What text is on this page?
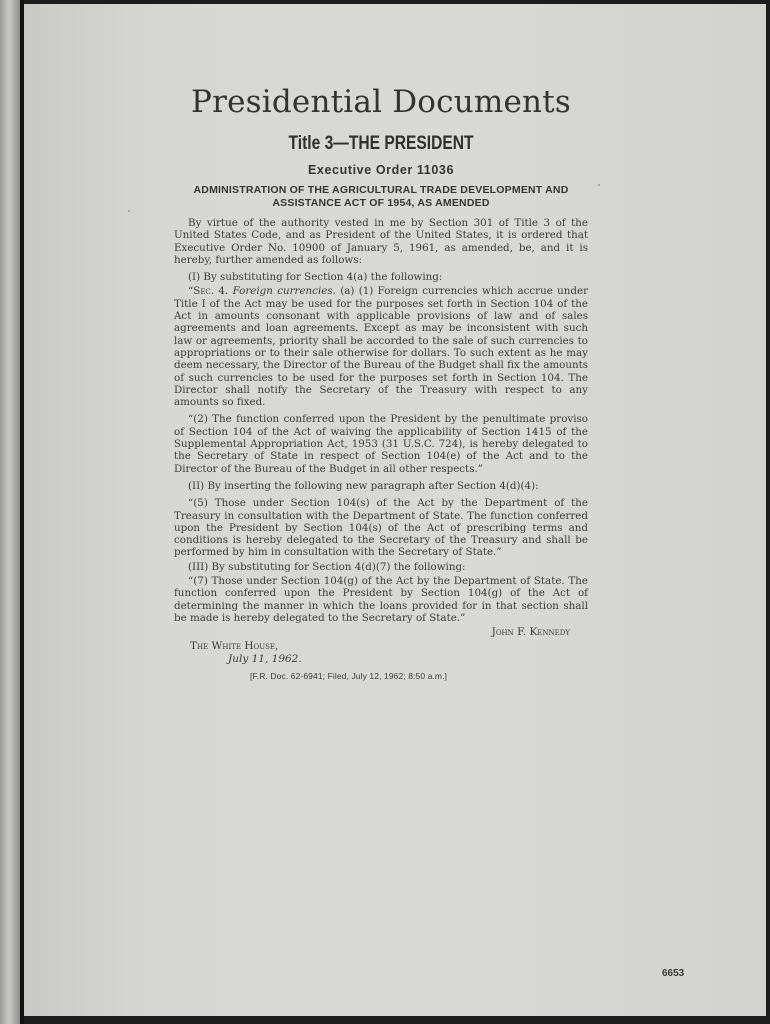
Presidential Documents
Title 3—THE PRESIDENT
Executive Order 11036
ADMINISTRATION OF THE AGRICULTURAL TRADE DEVELOPMENT AND ASSISTANCE ACT OF 1954, AS AMENDED

By virtue of the authority vested in me by Section 301 of Title 3 of the United States Code, and as President of the United States, it is ordered that Executive Order No. 10900 of January 5, 1961, as amended, be, and it is hereby, further amended as follows:

(I) By substituting for Section 4(a) the following:

“Sec. 4. Foreign currencies. (a) (1) Foreign currencies which accrue under Title I of the Act may be used for the purposes set forth in Section 104 of the Act in amounts consonant with applicable provisions of law and of sales agreements and loan agreements. Except as may be inconsistent with such law or agreements, priority shall be accorded to the sale of such currencies to appropriations or to their sale otherwise for dollars. To such extent as he may deem necessary, the Director of the Bureau of the Budget shall fix the amounts of such currencies to be used for the purposes set forth in Section 104. The Director shall notify the Secretary of the Treasury with respect to any amounts so fixed.

“(2) The function conferred upon the President by the penultimate proviso of Section 104 of the Act of waiving the applicability of Section 1415 of the Supplemental Appropriation Act, 1953 (31 U.S.C. 724), is hereby delegated to the Secretary of State in respect of Section 104(e) of the Act and to the Director of the Bureau of the Budget in all other respects.”

(II) By inserting the following new paragraph after Section 4(d)(4):

“(5) Those under Section 104(s) of the Act by the Department of the Treasury in consultation with the Department of State. The function conferred upon the President by Section 104(s) of the Act of prescribing terms and conditions is hereby delegated to the Secretary of the Treasury and shall be performed by him in consultation with the Secretary of State.”

(III) By substituting for Section 4(d)(7) the following:

“(7) Those under Section 104(g) of the Act by the Department of State. The function conferred upon the President by Section 104(g) of the Act of determining the manner in which the loans provided for in that section shall be made is hereby delegated to the Secretary of State.”

John F. Kennedy
The White House,
July 11, 1962.
[F.R. Doc. 62-6941; Filed, July 12, 1962; 8:50 a.m.]
6653
